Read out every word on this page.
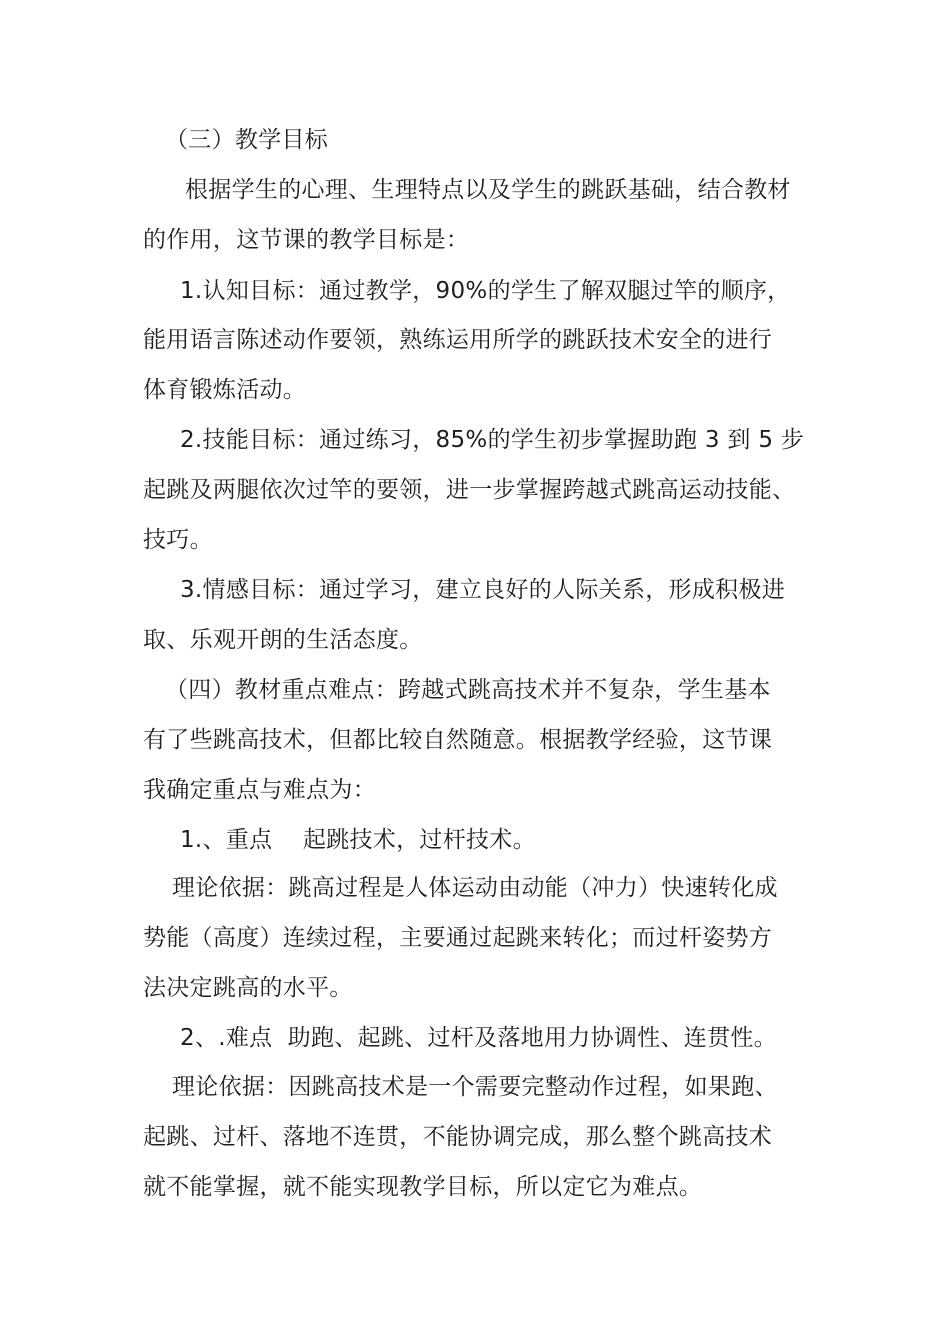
（三）教学目标
根据学生的心理、生理特点以及学生的跳跃基础，结合教材
的作用，这节课的教学目标是：
1.认知目标：通过教学，90%的学生了解双腿过竿的顺序，
能用语言陈述动作要领，熟练运用所学的跳跃技术安全的进行
体育锻炼活动。
2.技能目标：通过练习，85%的学生初步掌握助跑 3 到 5 步
起跳及两腿依次过竿的要领，进一步掌握跨越式跳高运动技能、
技巧。
3.情感目标：通过学习，建立良好的人际关系，形成积极进
取、乐观开朗的生活态度。
（四）教材重点难点：跨越式跳高技术并不复杂，学生基本
有了些跳高技术，但都比较自然随意。根据教学经验，这节课
我确定重点与难点为：
1.、重点    起跳技术，过杆技术。
理论依据：跳高过程是人体运动由动能（冲力）快速转化成
势能（高度）连续过程，主要通过起跳来转化；而过杆姿势方
法决定跳高的水平。
2、.难点  助跑、起跳、过杆及落地用力协调性、连贯性。
理论依据：因跳高技术是一个需要完整动作过程，如果跑、
起跳、过杆、落地不连贯，不能协调完成，那么整个跳高技术
就不能掌握，就不能实现教学目标，所以定它为难点。
